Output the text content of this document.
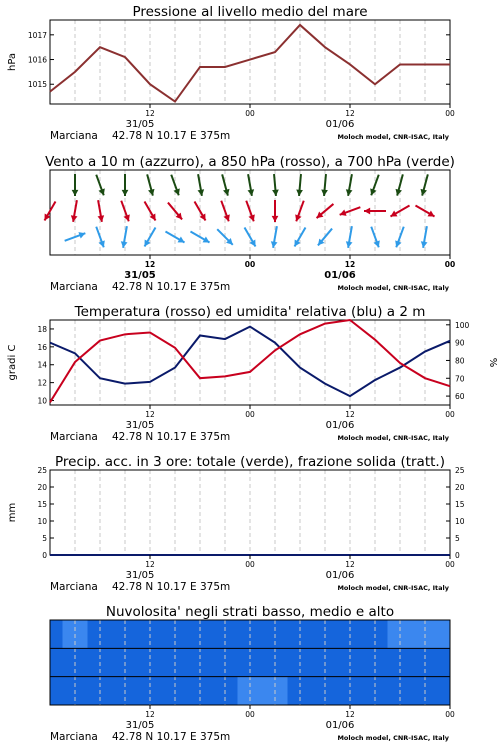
Pressione al livello medio del mare
1015
1016
1017
hPa
12
31/05
00	12
01/06
00
Marciana 42.78 N 10.17 E 375m	Moloch model, CNR-ISAC, Italy
Vento a 10 m (azzurro), a 850 hPa (rosso), a 700 hPa (verde)
12
31/05
00	12
01/06
00
Marciana 42.78 N 10.17 E 375m	Moloch model, CNR-ISAC, Italy
Temperatura (rosso) ed umidita' relativa (blu) a 2 m
10
12
14
16
18
60
70
80
90
100
gradi C	%
12
31/05
00	12
01/06
00
Marciana 42.78 N 10.17 E 375m	Moloch model, CNR-ISAC, Italy
Precip. acc. in 3 ore: totale (verde), frazione solida (tratt.)
0	0
5	5
10	10
15	15
20	20
25	25
mm
12
31/05
00	12
01/06
00
Marciana 42.78 N 10.17 E 375m	Moloch model, CNR-ISAC, Italy
Nuvolosita' negli strati basso, medio e alto
12
31/05
00	12
01/06
00
Marciana 42.78 N 10.17 E 375m	Moloch model, CNR-ISAC, Italy
